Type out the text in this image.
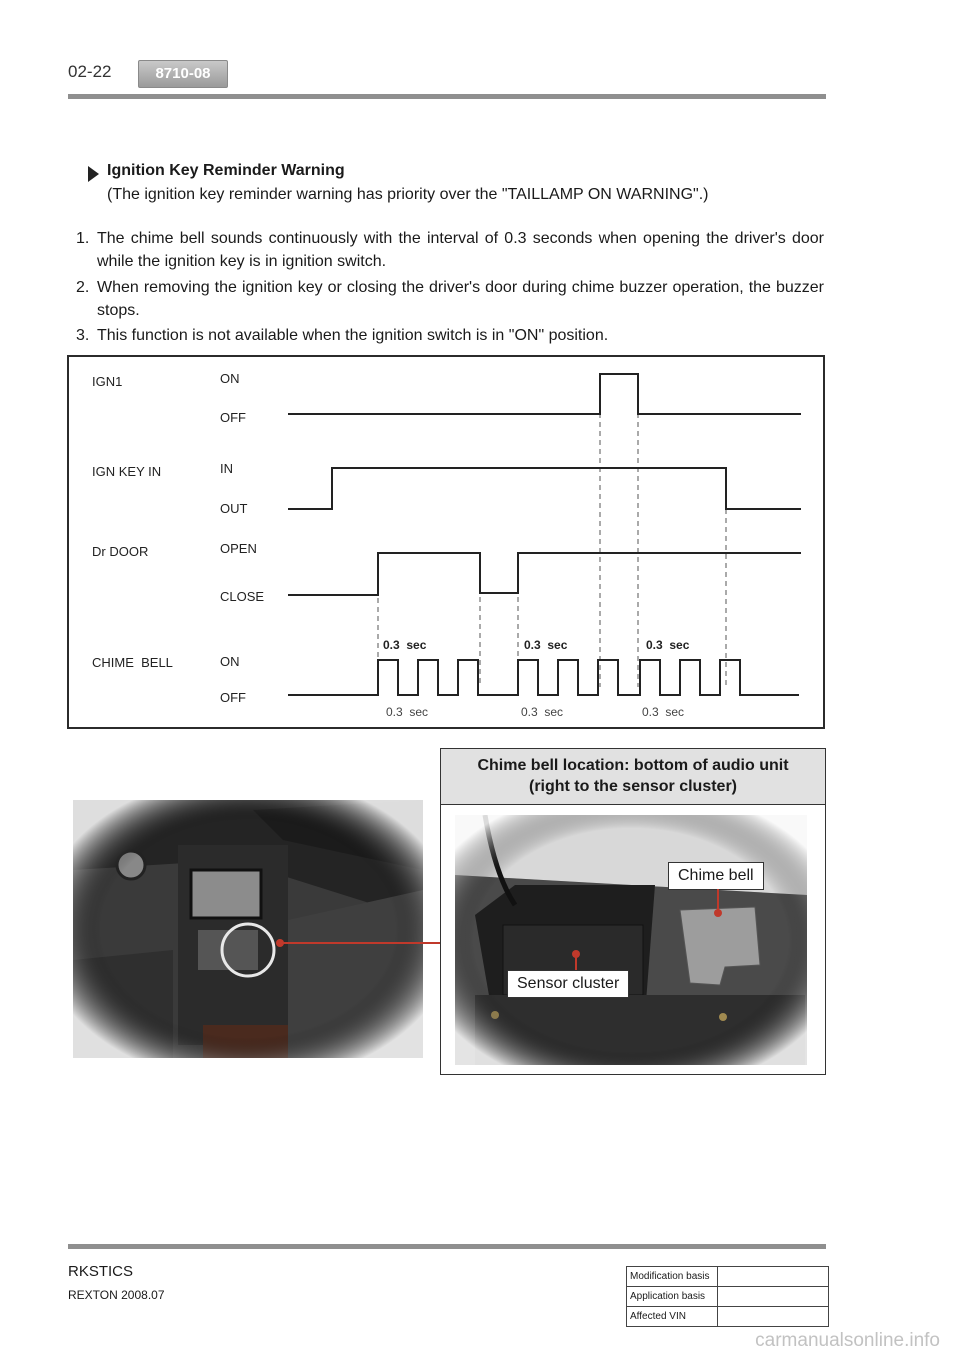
02-22	8710-08
Ignition Key Reminder Warning
(The ignition key reminder warning has priority over the "TAILLAMP ON WARNING".)
1. The chime bell sounds continuously with the interval of 0.3 seconds when opening the driver's door while the ignition key is in ignition switch.
2. When removing the ignition key or closing the driver's door during chime buzzer operation, the buzzer stops.
3. This function is not available when the ignition switch is in "ON" position.
IGN1
IGN KEY IN
Dr DOOR
CHIME  BELL
ON
OFF
IN
OUT
OPEN
CLOSE
ON
OFF
0.3  sec	0.3  sec	0.3  sec
0.3  sec	0.3  sec	0.3  sec
Chime bell location: bottom of audio unit
(right to the sensor cluster)
Chime bell
Sensor cluster
RKSTICS
REXTON 2008.07
Modification basis	
Application basis	
Affected VIN	
carmanualsonline.info
